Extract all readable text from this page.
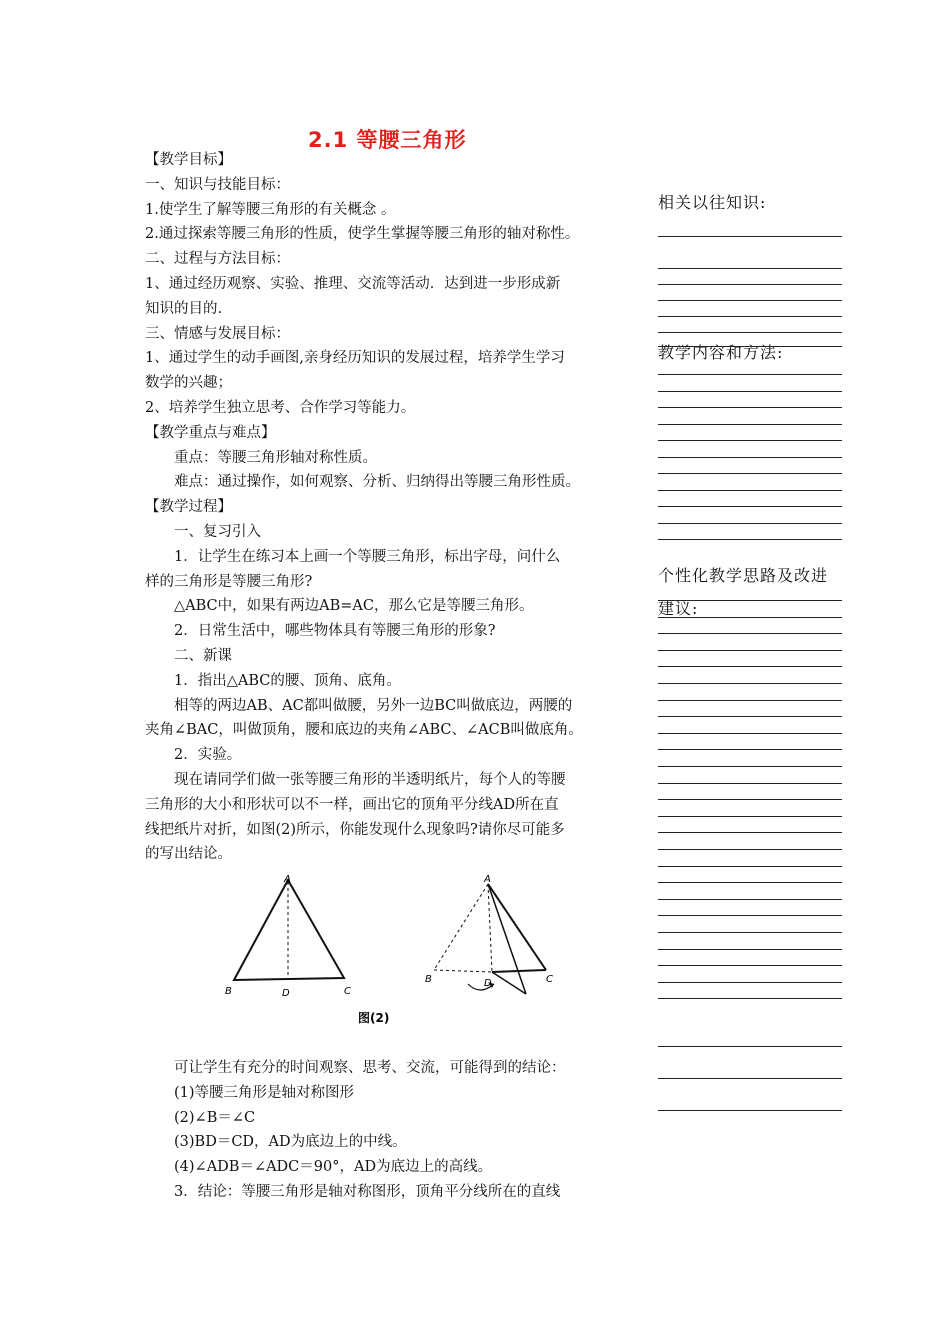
2.1 等腰三角形
【教学目标】
一、知识与技能目标：
1.使学生了解等腰三角形的有关概念 。
2.通过探索等腰三角形的性质，使学生掌握等腰三角形的轴对称性。
二、过程与方法目标：
1、通过经历观察、实验、推理、交流等活动．达到进一步形成新
知识的目的.
三、情感与发展目标：
1、通过学生的动手画图,亲身经历知识的发展过程，培养学生学习
数学的兴趣；
2、培养学生独立思考、合作学习等能力。
【教学重点与难点】
　　重点：等腰三角形轴对称性质。
　　难点：通过操作，如何观察、分析、归纳得出等腰三角形性质。
【教学过程】
　　一、复习引入
　　1．让学生在练习本上画一个等腰三角形，标出字母，问什么
样的三角形是等腰三角形?
　　△ABC中，如果有两边AB=AC，那么它是等腰三角形。
　　2．日常生活中，哪些物体具有等腰三角形的形象?
　　二、新课
　　1．指出△ABC的腰、顶角、底角。
　　相等的两边AB、AC都叫做腰，另外一边BC叫做底边，两腰的
夹角∠BAC，叫做顶角，腰和底边的夹角∠ABC、∠ACB叫做底角。
　　2．实验。
　　现在请同学们做一张等腰三角形的半透明纸片，每个人的等腰
三角形的大小和形状可以不一样，画出它的顶角平分线AD所在直
线把纸片对折，如图(2)所示，你能发现什么现象吗?请你尽可能多
的写出结论。
　　可让学生有充分的时间观察、思考、交流，可能得到的结论：
　　(1)等腰三角形是轴对称图形
　　(2)∠B＝∠C
　　(3)BD＝CD，AD为底边上的中线。
　　(4)∠ADB＝∠ADC＝90°，AD为底边上的高线。
　　3．结论：等腰三角形是轴对称图形，顶角平分线所在的直线
A
B	D	C
A
B	D	C
图(2)
相关以往知识:
教学内容和方法:
个性化教学思路及改进
建议:
